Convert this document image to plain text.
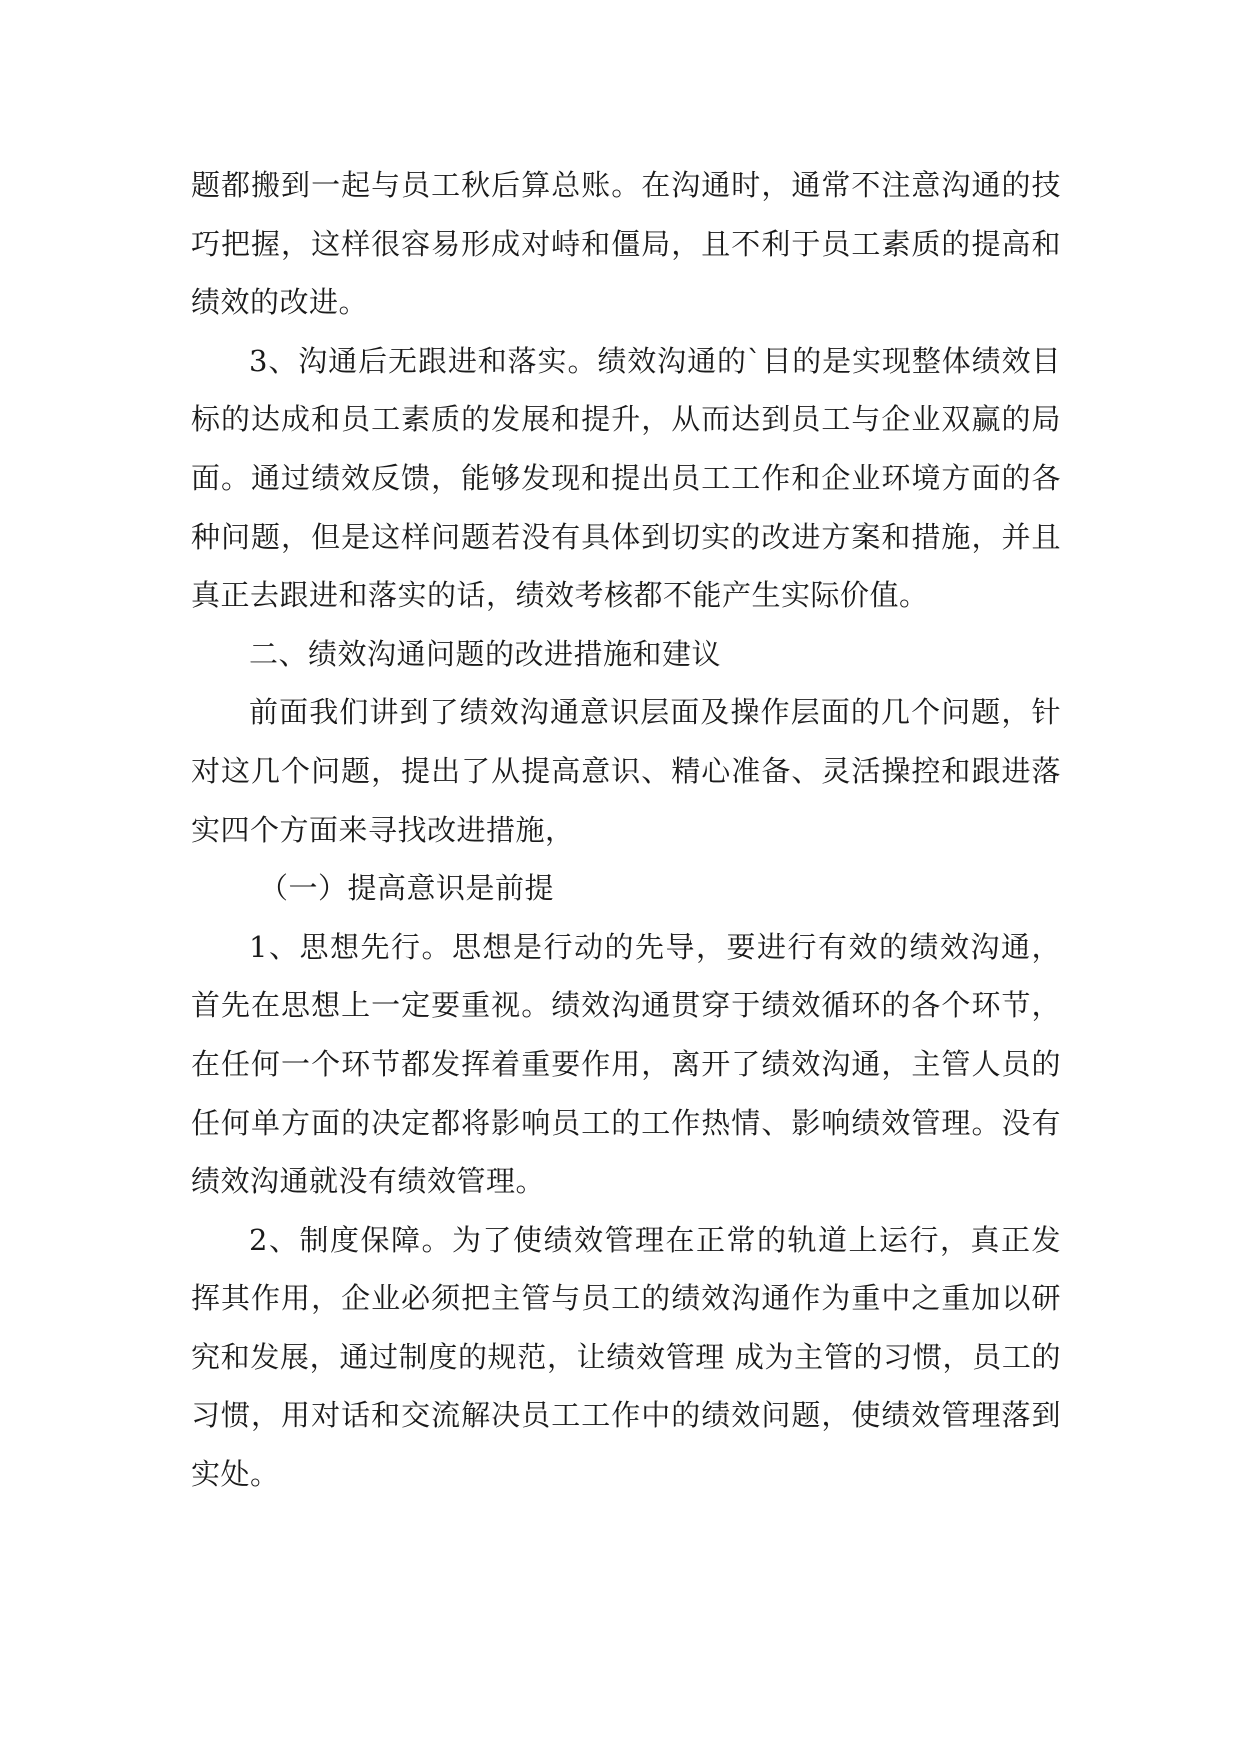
题都搬到一起与员工秋后算总账。在沟通时，通常不注意沟通的技巧把握，这样很容易形成对峙和僵局，且不利于员工素质的提高和绩效的改进。

3、沟通后无跟进和落实。绩效沟通的`目的是实现整体绩效目标的达成和员工素质的发展和提升，从而达到员工与企业双赢的局面。通过绩效反馈，能够发现和提出员工工作和企业环境方面的各种问题，但是这样问题若没有具体到切实的改进方案和措施，并且真正去跟进和落实的话，绩效考核都不能产生实际价值。

二、绩效沟通问题的改进措施和建议

前面我们讲到了绩效沟通意识层面及操作层面的几个问题，针对这几个问题，提出了从提高意识、精心准备、灵活操控和跟进落实四个方面来寻找改进措施，

（一）提高意识是前提

1、思想先行。思想是行动的先导，要进行有效的绩效沟通，首先在思想上一定要重视。绩效沟通贯穿于绩效循环的各个环节，在任何一个环节都发挥着重要作用，离开了绩效沟通，主管人员的任何单方面的决定都将影响员工的工作热情、影响绩效管理。没有绩效沟通就没有绩效管理。

2、制度保障。为了使绩效管理在正常的轨道上运行，真正发挥其作用，企业必须把主管与员工的绩效沟通作为重中之重加以研究和发展，通过制度的规范，让绩效管理 成为主管的习惯，员工的习惯，用对话和交流解决员工工作中的绩效问题，使绩效管理落到实处。
